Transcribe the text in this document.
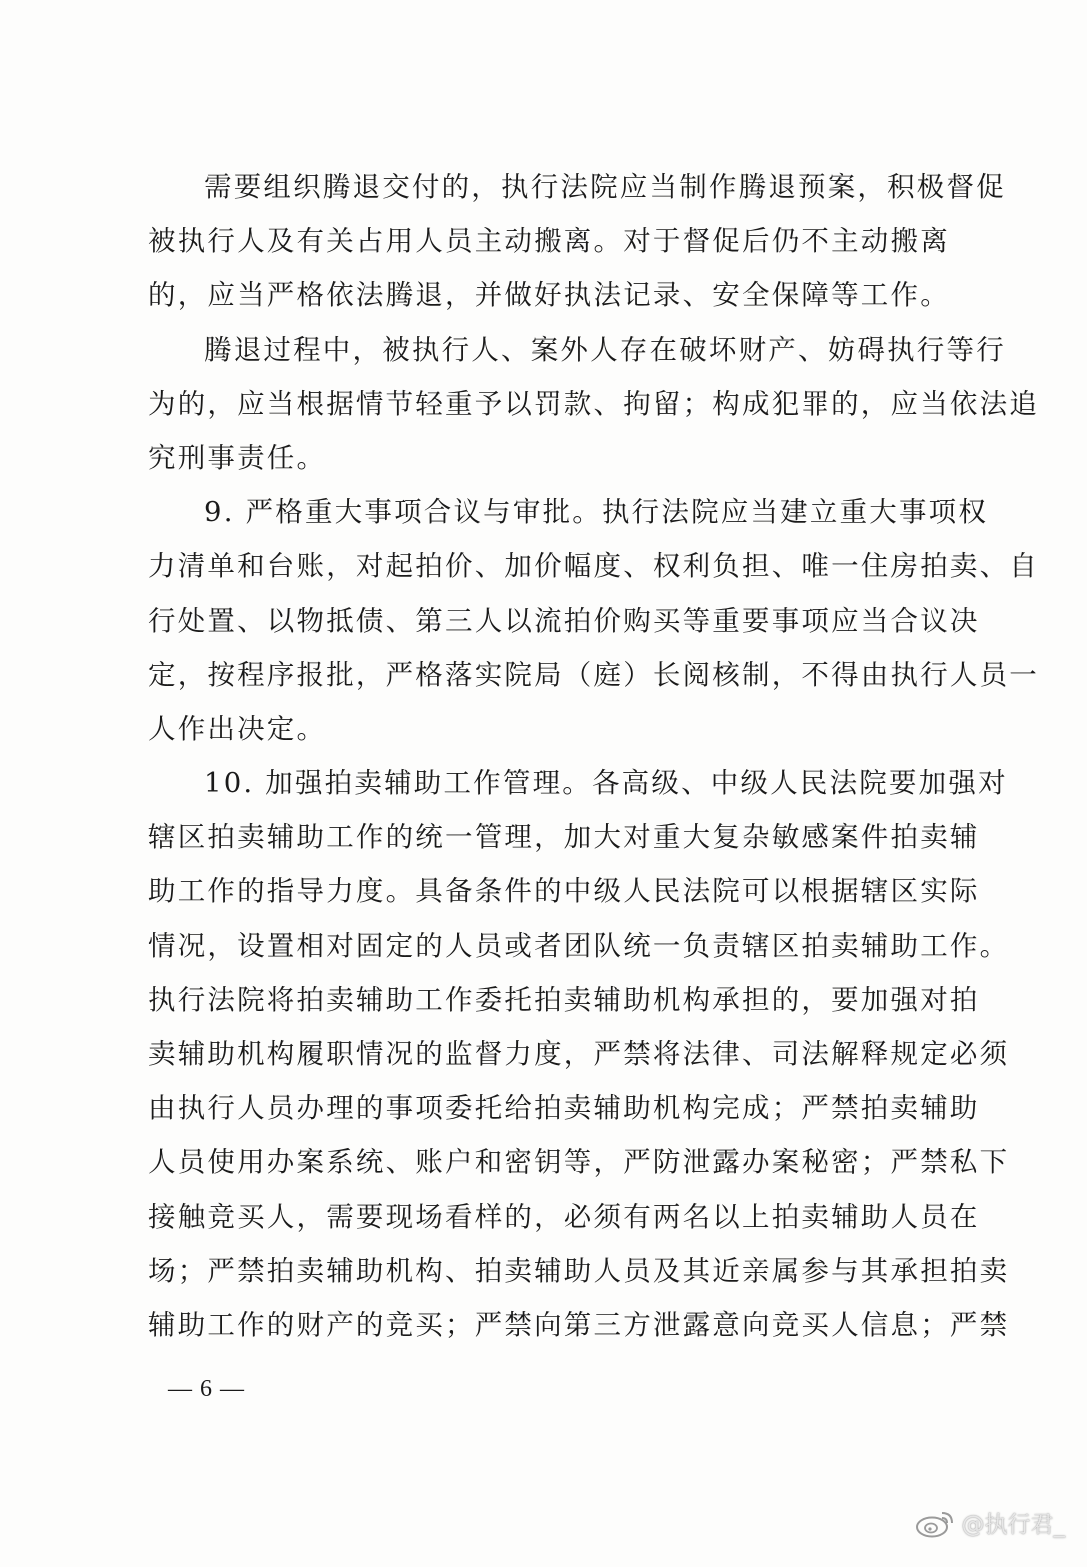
需要组织腾退交付的，执行法院应当制作腾退预案，积极督促
被执行人及有关占用人员主动搬离。对于督促后仍不主动搬离
的，应当严格依法腾退，并做好执法记录、安全保障等工作。
腾退过程中，被执行人、案外人存在破坏财产、妨碍执行等行
为的，应当根据情节轻重予以罚款、拘留；构成犯罪的，应当依法追
究刑事责任。
9. 严格重大事项合议与审批。执行法院应当建立重大事项权
力清单和台账，对起拍价、加价幅度、权利负担、唯一住房拍卖、自
行处置、以物抵债、第三人以流拍价购买等重要事项应当合议决
定，按程序报批，严格落实院局（庭）长阅核制，不得由执行人员一
人作出决定。
10. 加强拍卖辅助工作管理。各高级、中级人民法院要加强对
辖区拍卖辅助工作的统一管理，加大对重大复杂敏感案件拍卖辅
助工作的指导力度。具备条件的中级人民法院可以根据辖区实际
情况，设置相对固定的人员或者团队统一负责辖区拍卖辅助工作。
执行法院将拍卖辅助工作委托拍卖辅助机构承担的，要加强对拍
卖辅助机构履职情况的监督力度，严禁将法律、司法解释规定必须
由执行人员办理的事项委托给拍卖辅助机构完成；严禁拍卖辅助
人员使用办案系统、账户和密钥等，严防泄露办案秘密；严禁私下
接触竞买人，需要现场看样的，必须有两名以上拍卖辅助人员在
场；严禁拍卖辅助机构、拍卖辅助人员及其近亲属参与其承担拍卖
辅助工作的财产的竞买；严禁向第三方泄露意向竞买人信息；严禁
— 6 —
@执行君_
